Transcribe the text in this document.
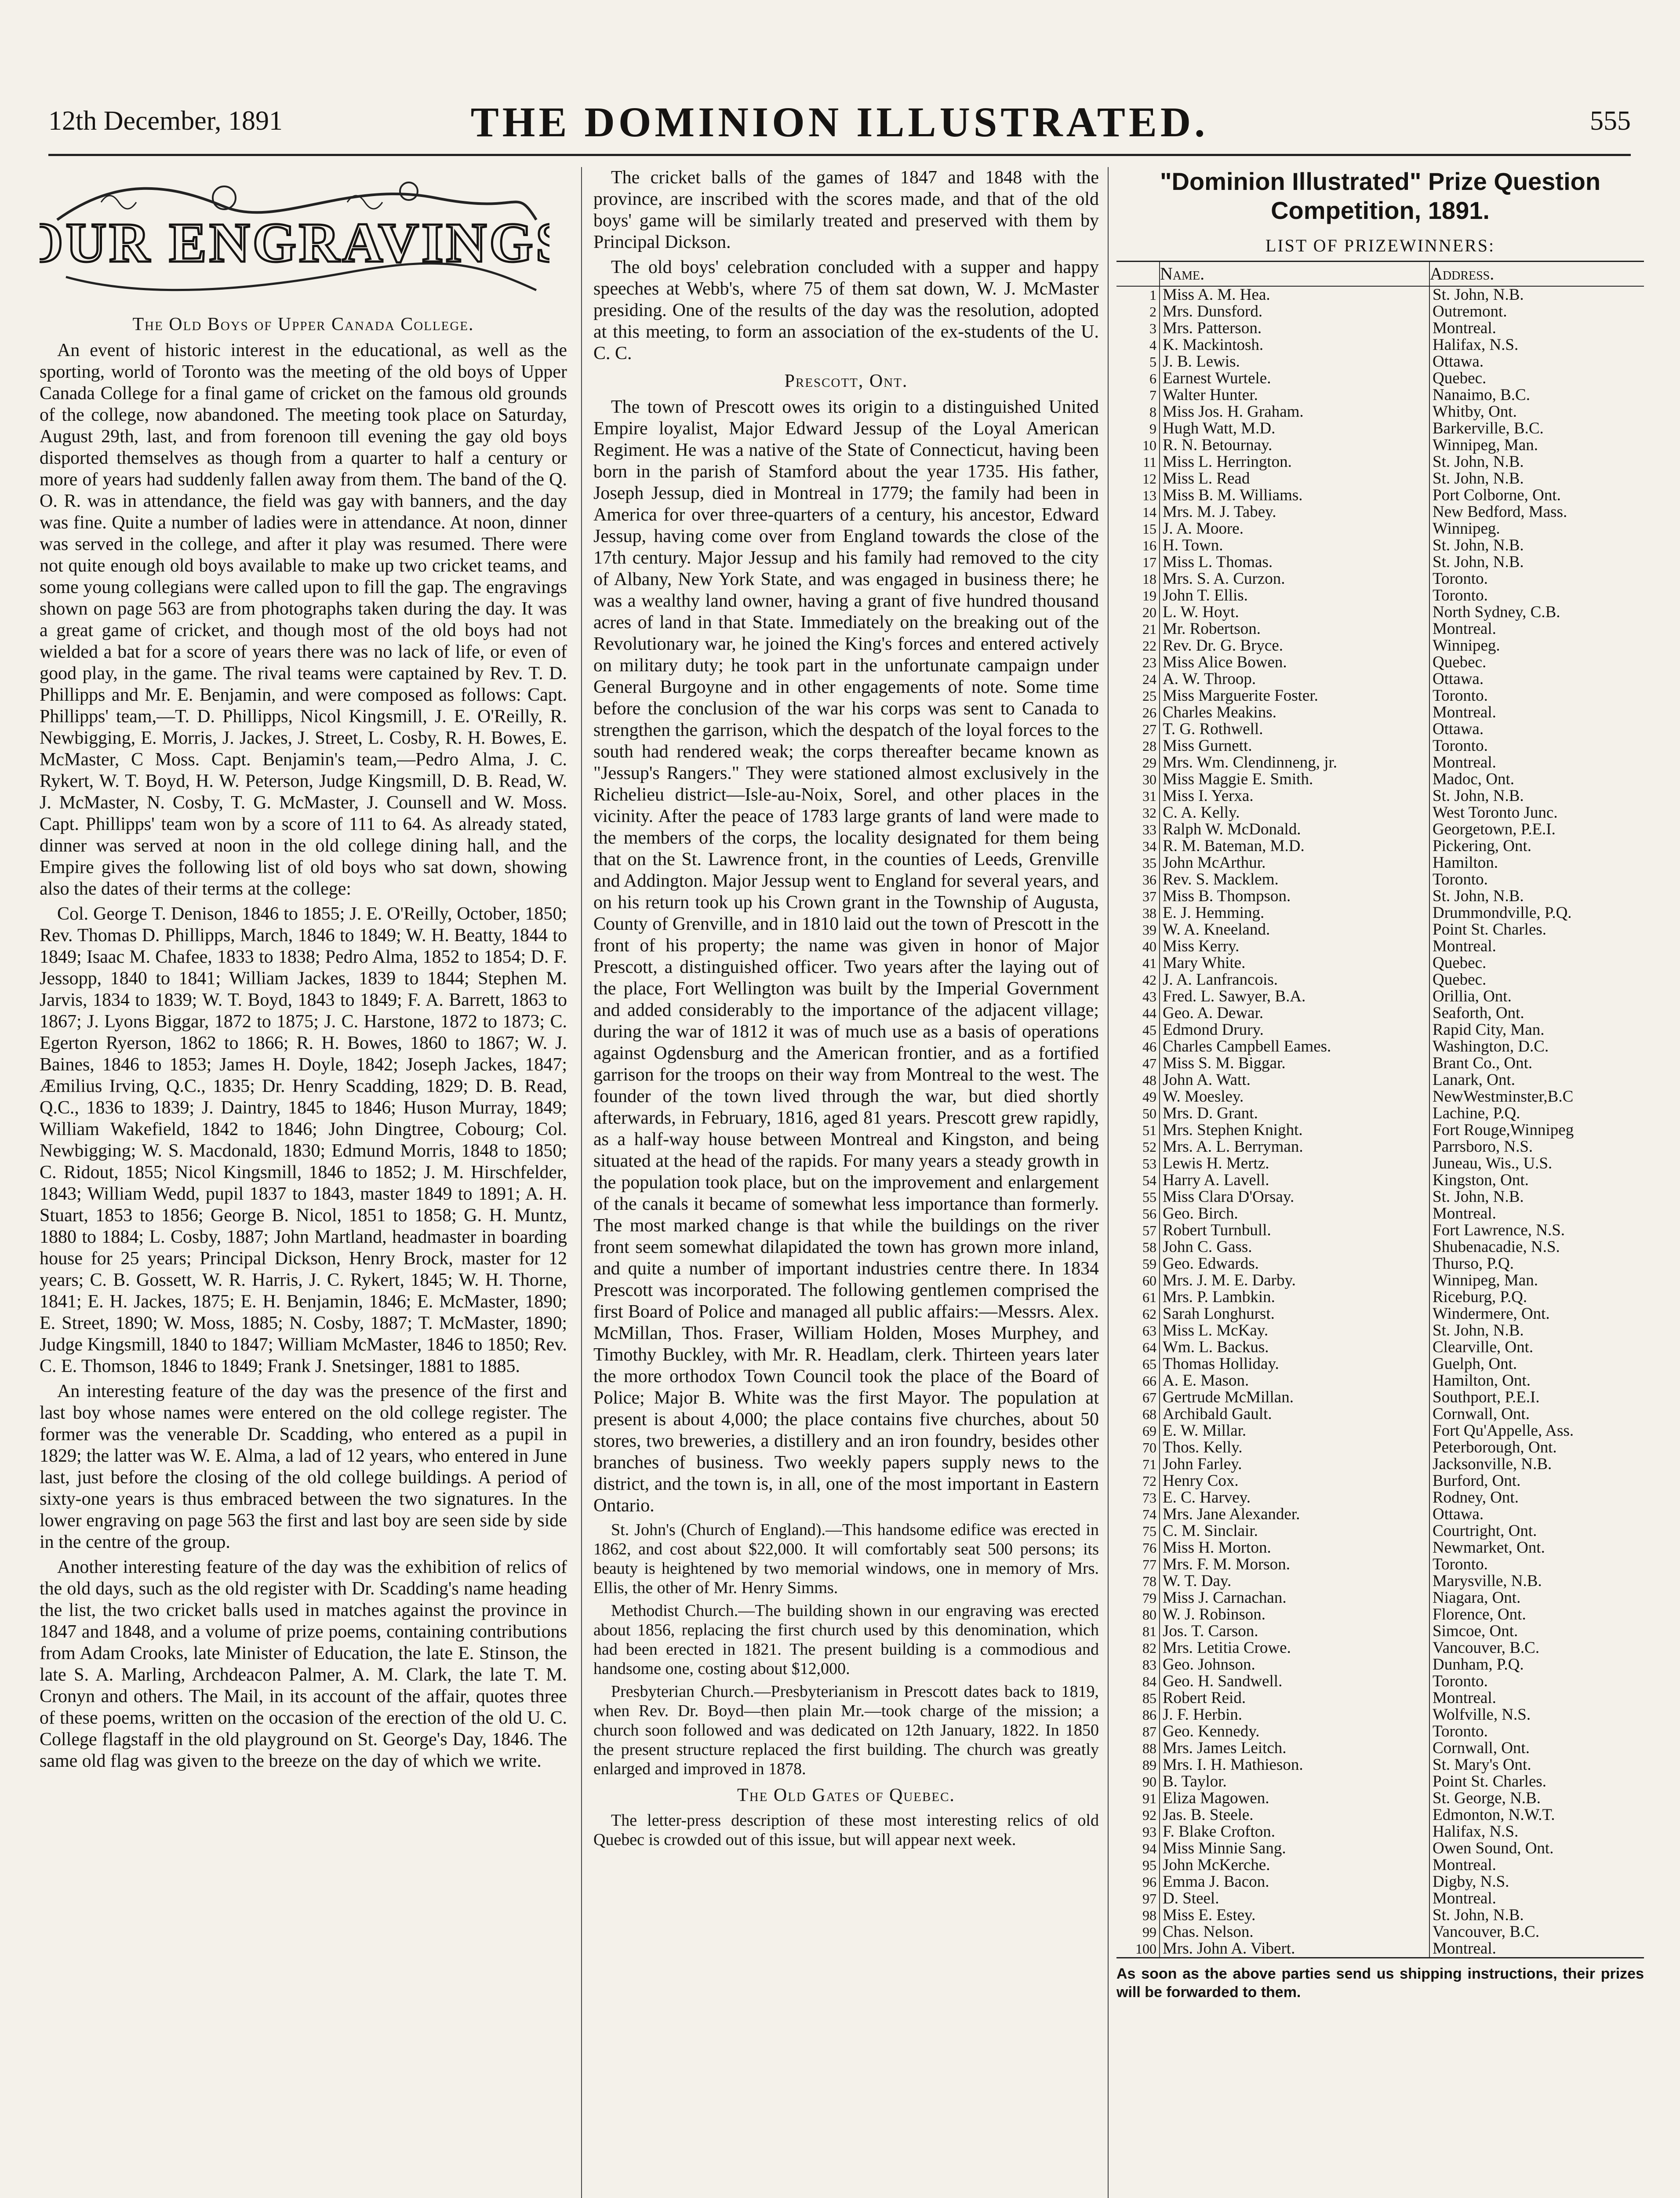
12th December, 1891	THE DOMINION ILLUSTRATED.	555
OUR ENGRAVINGS
The Old Boys of Upper Canada College.

An event of historic interest in the educational, as well as the sporting, world of Toronto was the meeting of the old boys of Upper Canada College for a final game of cricket on the famous old grounds of the college, now abandoned. The meeting took place on Saturday, August 29th, last, and from forenoon till evening the gay old boys disported themselves as though from a quarter to half a century or more of years had suddenly fallen away from them. The band of the Q. O. R. was in attendance, the field was gay with banners, and the day was fine. Quite a number of ladies were in attendance. At noon, dinner was served in the college, and after it play was resumed. There were not quite enough old boys available to make up two cricket teams, and some young collegians were called upon to fill the gap. The engravings shown on page 563 are from photographs taken during the day. It was a great game of cricket, and though most of the old boys had not wielded a bat for a score of years there was no lack of life, or even of good play, in the game. The rival teams were captained by Rev. T. D. Phillipps and Mr. E. Benjamin, and were composed as follows: Capt. Phillipps' team,—T. D. Phillipps, Nicol Kingsmill, J. E. O'Reilly, R. Newbigging, E. Morris, J. Jackes, J. Street, L. Cosby, R. H. Bowes, E. McMaster, C Moss. Capt. Benjamin's team,—Pedro Alma, J. C. Rykert, W. T. Boyd, H. W. Peterson, Judge Kingsmill, D. B. Read, W. J. McMaster, N. Cosby, T. G. McMaster, J. Counsell and W. Moss. Capt. Phillipps' team won by a score of 111 to 64. As already stated, dinner was served at noon in the old college dining hall, and the Empire gives the following list of old boys who sat down, showing also the dates of their terms at the college:

Col. George T. Denison, 1846 to 1855; J. E. O'Reilly, October, 1850; Rev. Thomas D. Phillipps, March, 1846 to 1849; W. H. Beatty, 1844 to 1849; Isaac M. Chafee, 1833 to 1838; Pedro Alma, 1852 to 1854; D. F. Jessopp, 1840 to 1841; William Jackes, 1839 to 1844; Stephen M. Jarvis, 1834 to 1839; W. T. Boyd, 1843 to 1849; F. A. Barrett, 1863 to 1867; J. Lyons Biggar, 1872 to 1875; J. C. Harstone, 1872 to 1873; C. Egerton Ryerson, 1862 to 1866; R. H. Bowes, 1860 to 1867; W. J. Baines, 1846 to 1853; James H. Doyle, 1842; Joseph Jackes, 1847; Æmilius Irving, Q.C., 1835; Dr. Henry Scadding, 1829; D. B. Read, Q.C., 1836 to 1839; J. Daintry, 1845 to 1846; Huson Murray, 1849; William Wakefield, 1842 to 1846; John Dingtree, Cobourg; Col. Newbigging; W. S. Macdonald, 1830; Edmund Morris, 1848 to 1850; C. Ridout, 1855; Nicol Kingsmill, 1846 to 1852; J. M. Hirschfelder, 1843; William Wedd, pupil 1837 to 1843, master 1849 to 1891; A. H. Stuart, 1853 to 1856; George B. Nicol, 1851 to 1858; G. H. Muntz, 1880 to 1884; L. Cosby, 1887; John Martland, headmaster in boarding house for 25 years; Principal Dickson, Henry Brock, master for 12 years; C. B. Gossett, W. R. Harris, J. C. Rykert, 1845; W. H. Thorne, 1841; E. H. Jackes, 1875; E. H. Benjamin, 1846; E. McMaster, 1890; E. Street, 1890; W. Moss, 1885; N. Cosby, 1887; T. McMaster, 1890; Judge Kingsmill, 1840 to 1847; William McMaster, 1846 to 1850; Rev. C. E. Thomson, 1846 to 1849; Frank J. Snetsinger, 1881 to 1885.

An interesting feature of the day was the presence of the first and last boy whose names were entered on the old college register. The former was the venerable Dr. Scadding, who entered as a pupil in 1829; the latter was W. E. Alma, a lad of 12 years, who entered in June last, just before the closing of the old college buildings. A period of sixty-one years is thus embraced between the two signatures. In the lower engraving on page 563 the first and last boy are seen side by side in the centre of the group.

Another interesting feature of the day was the exhibition of relics of the old days, such as the old register with Dr. Scadding's name heading the list, the two cricket balls used in matches against the province in 1847 and 1848, and a volume of prize poems, containing contributions from Adam Crooks, late Minister of Education, the late E. Stinson, the late S. A. Marling, Archdeacon Palmer, A. M. Clark, the late T. M. Cronyn and others. The Mail, in its account of the affair, quotes three of these poems, written on the occasion of the erection of the old U. C. College flagstaff in the old playground on St. George's Day, 1846. The same old flag was given to the breeze on the day of which we write.

The cricket balls of the games of 1847 and 1848 with the province, are inscribed with the scores made, and that of the old boys' game will be similarly treated and preserved with them by Principal Dickson.

The old boys' celebration concluded with a supper and happy speeches at Webb's, where 75 of them sat down, W. J. McMaster presiding. One of the results of the day was the resolution, adopted at this meeting, to form an association of the ex-students of the U. C. C.

Prescott, Ont.

The town of Prescott owes its origin to a distinguished United Empire loyalist, Major Edward Jessup of the Loyal American Regiment. He was a native of the State of Connecticut, having been born in the parish of Stamford about the year 1735. His father, Joseph Jessup, died in Montreal in 1779; the family had been in America for over three-quarters of a century, his ancestor, Edward Jessup, having come over from England towards the close of the 17th century. Major Jessup and his family had removed to the city of Albany, New York State, and was engaged in business there; he was a wealthy land owner, having a grant of five hundred thousand acres of land in that State. Immediately on the breaking out of the Revolutionary war, he joined the King's forces and entered actively on military duty; he took part in the unfortunate campaign under General Burgoyne and in other engagements of note. Some time before the conclusion of the war his corps was sent to Canada to strengthen the garrison, which the despatch of the loyal forces to the south had rendered weak; the corps thereafter became known as "Jessup's Rangers." They were stationed almost exclusively in the Richelieu district—Isle-au-Noix, Sorel, and other places in the vicinity. After the peace of 1783 large grants of land were made to the members of the corps, the locality designated for them being that on the St. Lawrence front, in the counties of Leeds, Grenville and Addington. Major Jessup went to England for several years, and on his return took up his Crown grant in the Township of Augusta, County of Grenville, and in 1810 laid out the town of Prescott in the front of his property; the name was given in honor of Major Prescott, a distinguished officer. Two years after the laying out of the place, Fort Wellington was built by the Imperial Government and added considerably to the importance of the adjacent village; during the war of 1812 it was of much use as a basis of operations against Ogdensburg and the American frontier, and as a fortified garrison for the troops on their way from Montreal to the west. The founder of the town lived through the war, but died shortly afterwards, in February, 1816, aged 81 years. Prescott grew rapidly, as a half-way house between Montreal and Kingston, and being situated at the head of the rapids. For many years a steady growth in the population took place, but on the improvement and enlargement of the canals it became of somewhat less importance than formerly. The most marked change is that while the buildings on the river front seem somewhat dilapidated the town has grown more inland, and quite a number of important industries centre there. In 1834 Prescott was incorporated. The following gentlemen comprised the first Board of Police and managed all public affairs:—Messrs. Alex. McMillan, Thos. Fraser, William Holden, Moses Murphey, and Timothy Buckley, with Mr. R. Headlam, clerk. Thirteen years later the more orthodox Town Council took the place of the Board of Police; Major B. White was the first Mayor. The population at present is about 4,000; the place contains five churches, about 50 stores, two breweries, a distillery and an iron foundry, besides other branches of business. Two weekly papers supply news to the district, and the town is, in all, one of the most important in Eastern Ontario.

St. John's (Church of England).—This handsome edifice was erected in 1862, and cost about $22,000. It will comfortably seat 500 persons; its beauty is heightened by two memorial windows, one in memory of Mrs. Ellis, the other of Mr. Henry Simms.

Methodist Church.—The building shown in our engraving was erected about 1856, replacing the first church used by this denomination, which had been erected in 1821. The present building is a commodious and handsome one, costing about $12,000.

Presbyterian Church.—Presbyterianism in Prescott dates back to 1819, when Rev. Dr. Boyd—then plain Mr.—took charge of the mission; a church soon followed and was dedicated on 12th January, 1822. In 1850 the present structure replaced the first building. The church was greatly enlarged and improved in 1878.

The Old Gates of Quebec.

The letter-press description of these most interesting relics of old Quebec is crowded out of this issue, but will appear next week.

"Dominion Illustrated" Prize Question Competition, 1891.
LIST OF PRIZEWINNERS:
	Name.	Address.
1	Miss A. M. Hea.	St. John, N.B.
2	Mrs. Dunsford.	Outremont.
3	Mrs. Patterson.	Montreal.
4	K. Mackintosh.	Halifax, N.S.
5	J. B. Lewis.	Ottawa.
6	Earnest Wurtele.	Quebec.
7	Walter Hunter.	Nanaimo, B.C.
8	Miss Jos. H. Graham.	Whitby, Ont.
9	Hugh Watt, M.D.	Barkerville, B.C.
10	R. N. Betournay.	Winnipeg, Man.
11	Miss L. Herrington.	St. John, N.B.
12	Miss L. Read	St. John, N.B.
13	Miss B. M. Williams.	Port Colborne, Ont.
14	Mrs. M. J. Tabey.	New Bedford, Mass.
15	J. A. Moore.	Winnipeg.
16	H. Town.	St. John, N.B.
17	Miss L. Thomas.	St. John, N.B.
18	Mrs. S. A. Curzon.	Toronto.
19	John T. Ellis.	Toronto.
20	L. W. Hoyt.	North Sydney, C.B.
21	Mr. Robertson.	Montreal.
22	Rev. Dr. G. Bryce.	Winnipeg.
23	Miss Alice Bowen.	Quebec.
24	A. W. Throop.	Ottawa.
25	Miss Marguerite Foster.	Toronto.
26	Charles Meakins.	Montreal.
27	T. G. Rothwell.	Ottawa.
28	Miss Gurnett.	Toronto.
29	Mrs. Wm. Clendinneng, jr.	Montreal.
30	Miss Maggie E. Smith.	Madoc, Ont.
31	Miss I. Yerxa.	St. John, N.B.
32	C. A. Kelly.	West Toronto Junc.
33	Ralph W. McDonald.	Georgetown, P.E.I.
34	R. M. Bateman, M.D.	Pickering, Ont.
35	John McArthur.	Hamilton.
36	Rev. S. Macklem.	Toronto.
37	Miss B. Thompson.	St. John, N.B.
38	E. J. Hemming.	Drummondville, P.Q.
39	W. A. Kneeland.	Point St. Charles.
40	Miss Kerry.	Montreal.
41	Mary White.	Quebec.
42	J. A. Lanfrancois.	Quebec.
43	Fred. L. Sawyer, B.A.	Orillia, Ont.
44	Geo. A. Dewar.	Seaforth, Ont.
45	Edmond Drury.	Rapid City, Man.
46	Charles Campbell Eames.	Washington, D.C.
47	Miss S. M. Biggar.	Brant Co., Ont.
48	John A. Watt.	Lanark, Ont.
49	W. Moesley.	NewWestminster,B.C
50	Mrs. D. Grant.	Lachine, P.Q.
51	Mrs. Stephen Knight.	Fort Rouge,Winnipeg
52	Mrs. A. L. Berryman.	Parrsboro, N.S.
53	Lewis H. Mertz.	Juneau, Wis., U.S.
54	Harry A. Lavell.	Kingston, Ont.
55	Miss Clara D'Orsay.	St. John, N.B.
56	Geo. Birch.	Montreal.
57	Robert Turnbull.	Fort Lawrence, N.S.
58	John C. Gass.	Shubenacadie, N.S.
59	Geo. Edwards.	Thurso, P.Q.
60	Mrs. J. M. E. Darby.	Winnipeg, Man.
61	Mrs. P. Lambkin.	Riceburg, P.Q.
62	Sarah Longhurst.	Windermere, Ont.
63	Miss L. McKay.	St. John, N.B.
64	Wm. L. Backus.	Clearville, Ont.
65	Thomas Holliday.	Guelph, Ont.
66	A. E. Mason.	Hamilton, Ont.
67	Gertrude McMillan.	Southport, P.E.I.
68	Archibald Gault.	Cornwall, Ont.
69	E. W. Millar.	Fort Qu'Appelle, Ass.
70	Thos. Kelly.	Peterborough, Ont.
71	John Farley.	Jacksonville, N.B.
72	Henry Cox.	Burford, Ont.
73	E. C. Harvey.	Rodney, Ont.
74	Mrs. Jane Alexander.	Ottawa.
75	C. M. Sinclair.	Courtright, Ont.
76	Miss H. Morton.	Newmarket, Ont.
77	Mrs. F. M. Morson.	Toronto.
78	W. T. Day.	Marysville, N.B.
79	Miss J. Carnachan.	Niagara, Ont.
80	W. J. Robinson.	Florence, Ont.
81	Jos. T. Carson.	Simcoe, Ont.
82	Mrs. Letitia Crowe.	Vancouver, B.C.
83	Geo. Johnson.	Dunham, P.Q.
84	Geo. H. Sandwell.	Toronto.
85	Robert Reid.	Montreal.
86	J. F. Herbin.	Wolfville, N.S.
87	Geo. Kennedy.	Toronto.
88	Mrs. James Leitch.	Cornwall, Ont.
89	Mrs. I. H. Mathieson.	St. Mary's Ont.
90	B. Taylor.	Point St. Charles.
91	Eliza Magowen.	St. George, N.B.
92	Jas. B. Steele.	Edmonton, N.W.T.
93	F. Blake Crofton.	Halifax, N.S.
94	Miss Minnie Sang.	Owen Sound, Ont.
95	John McKerche.	Montreal.
96	Emma J. Bacon.	Digby, N.S.
97	D. Steel.	Montreal.
98	Miss E. Estey.	St. John, N.B.
99	Chas. Nelson.	Vancouver, B.C.
100	Mrs. John A. Vibert.	Montreal.
As soon as the above parties send us shipping instructions, their prizes will be forwarded to them.
